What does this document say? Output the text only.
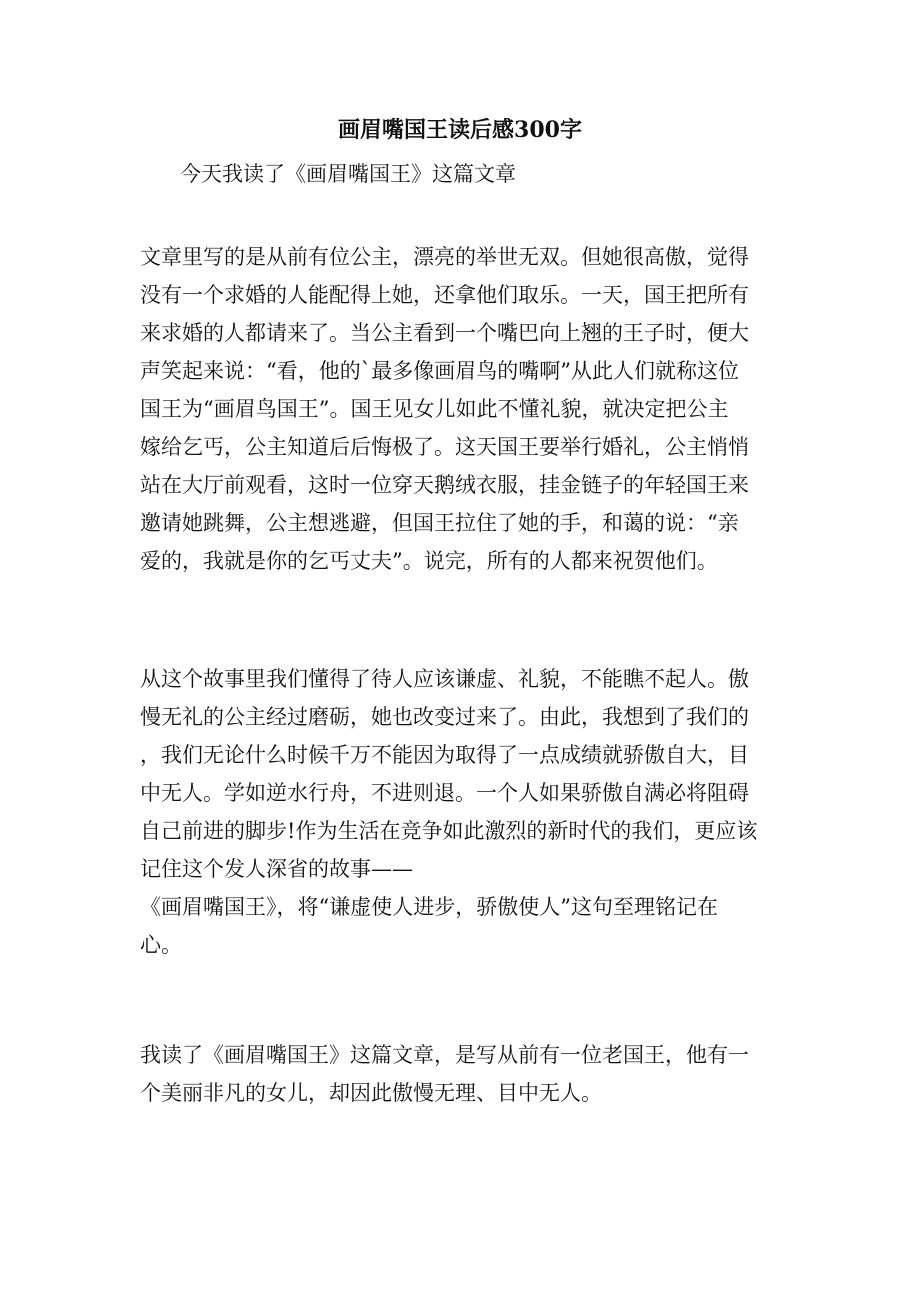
画眉嘴国王读后感300字

今天我读了《画眉嘴国王》这篇文章

文章里写的是从前有位公主，漂亮的举世无双。但她很高傲，觉得
没有一个求婚的人能配得上她，还拿他们取乐。一天，国王把所有
来求婚的人都请来了。当公主看到一个嘴巴向上翘的王子时，便大
声笑起来说：“看，他的`最多像画眉鸟的嘴啊”从此人们就称这位
国王为“画眉鸟国王”。国王见女儿如此不懂礼貌，就决定把公主
嫁给乞丐，公主知道后后悔极了。这天国王要举行婚礼，公主悄悄
站在大厅前观看，这时一位穿天鹅绒衣服，挂金链子的年轻国王来
邀请她跳舞，公主想逃避，但国王拉住了她的手，和蔼的说：“亲
爱的，我就是你的乞丐丈夫”。说完，所有的人都来祝贺他们。
从这个故事里我们懂得了待人应该谦虚、礼貌，不能瞧不起人。傲
慢无礼的公主经过磨砺，她也改变过来了。由此，我想到了我们的
，我们无论什么时候千万不能因为取得了一点成绩就骄傲自大，目
中无人。学如逆水行舟，不进则退。一个人如果骄傲自满必将阻碍
自己前进的脚步!作为生活在竞争如此激烈的新时代的我们，更应该
记住这个发人深省的故事——
《画眉嘴国王》，将“谦虚使人进步，骄傲使人”这句至理铭记在
心。
我读了《画眉嘴国王》这篇文章，是写从前有一位老国王，他有一
个美丽非凡的女儿，却因此傲慢无理、目中无人。
